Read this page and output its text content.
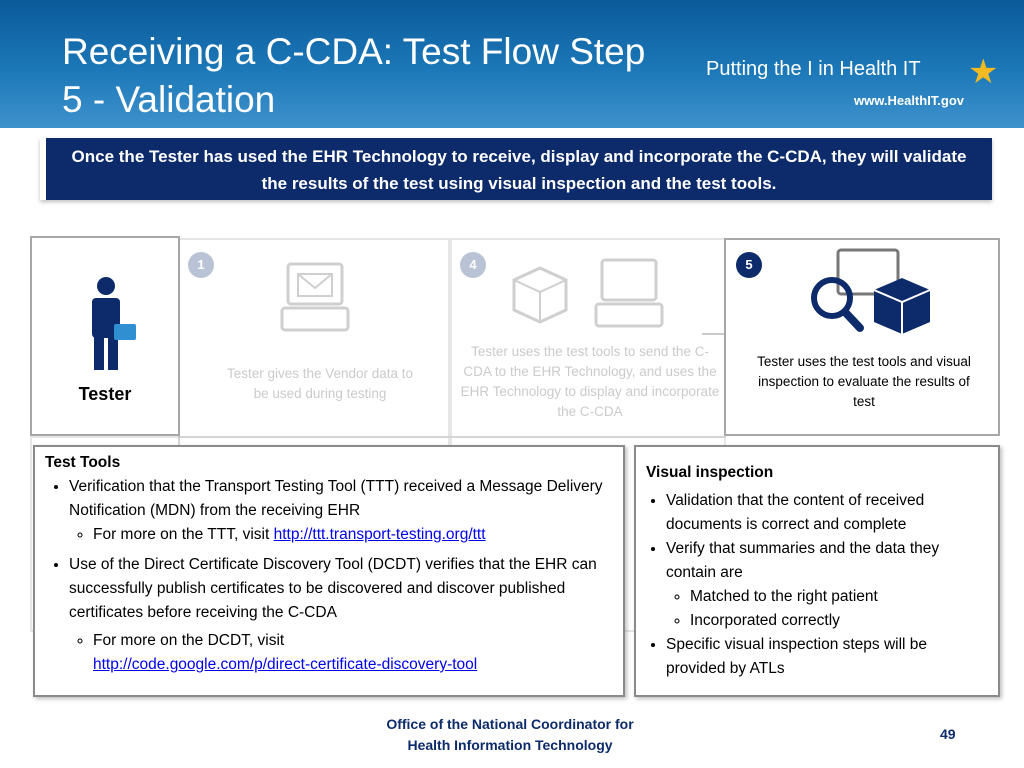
Receiving a C-CDA: Test Flow Step
5 - Validation
Putting the I in Health IT ★
www.HealthIT.gov
Once the Tester has used the EHR Technology to receive, display and incorporate the C-CDA, they will validate the results of the test using visual inspection and the test tools.
1
Tester gives the Vendor data to be used during testing
4
Tester uses the test tools to send the C-CDA to the EHR Technology, and uses the EHR Technology to display and incorporate the C-CDA
Tester
5
Tester uses the test tools and visual inspection to evaluate the results of test
Test Tools
• Verification that the Transport Testing Tool (TTT) received a Message Delivery Notification (MDN) from the receiving EHR
◦ For more on the TTT, visit http://ttt.transport-testing.org/ttt
• Use of the Direct Certificate Discovery Tool (DCDT) verifies that the EHR can successfully publish certificates to be discovered and discover published certificates before receiving the C-CDA
◦ For more on the DCDT, visit
http://code.google.com/p/direct-certificate-discovery-tool
Visual inspection
• Validation that the content of received documents is correct and complete
• Verify that summaries and the data they contain are
◦ Matched to the right patient
◦ Incorporated correctly
• Specific visual inspection steps will be provided by ATLs
Office of the National Coordinator for
Health Information Technology
49
